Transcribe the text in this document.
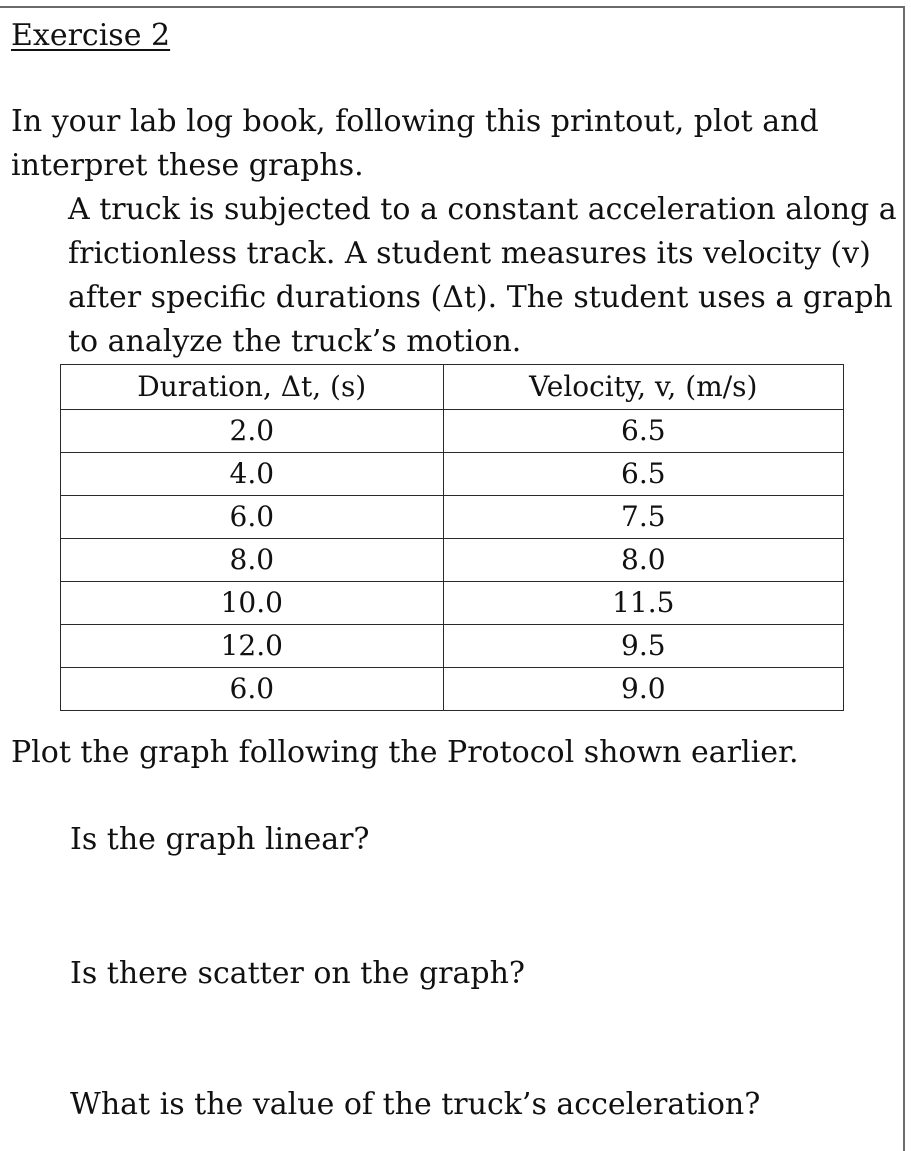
Exercise 2

In your lab log book, following this printout, plot and interpret these graphs.

A truck is subjected to a constant acceleration along a frictionless track. A student measures its velocity (v) after specific durations (Δt). The student uses a graph to analyze the truck’s motion.

Duration, Δt, (s)	Velocity, v, (m/s)
2.0	6.5
4.0	6.5
6.0	7.5
8.0	8.0
10.0	11.5
12.0	9.5
6.0	9.0
Plot the graph following the Protocol shown earlier.
Is the graph linear?
Is there scatter on the graph?
What is the value of the truck’s acceleration?
